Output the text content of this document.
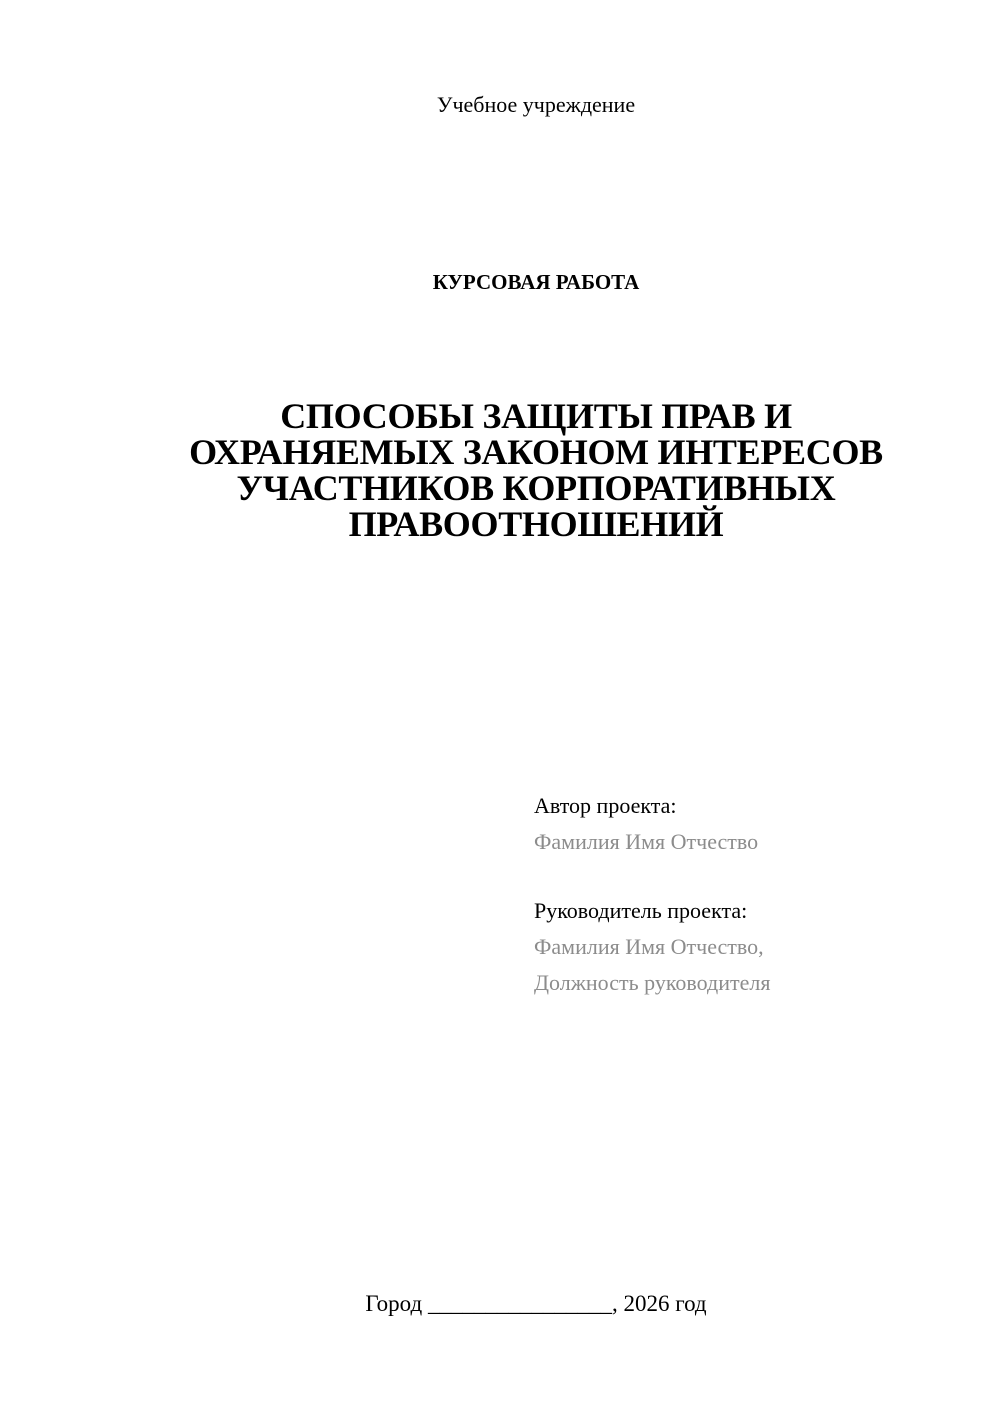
Учебное учреждение
КУРСОВАЯ РАБОТА
СПОСОБЫ ЗАЩИТЫ ПРАВ И
ОХРАНЯЕМЫХ ЗАКОНОМ ИНТЕРЕСОВ
УЧАСТНИКОВ КОРПОРАТИВНЫХ
ПРАВООТНОШЕНИЙ
Автор проекта:
Фамилия Имя Отчество
Руководитель проекта:
Фамилия Имя Отчество,
Должность руководителя
Город ________________, 2026 год
